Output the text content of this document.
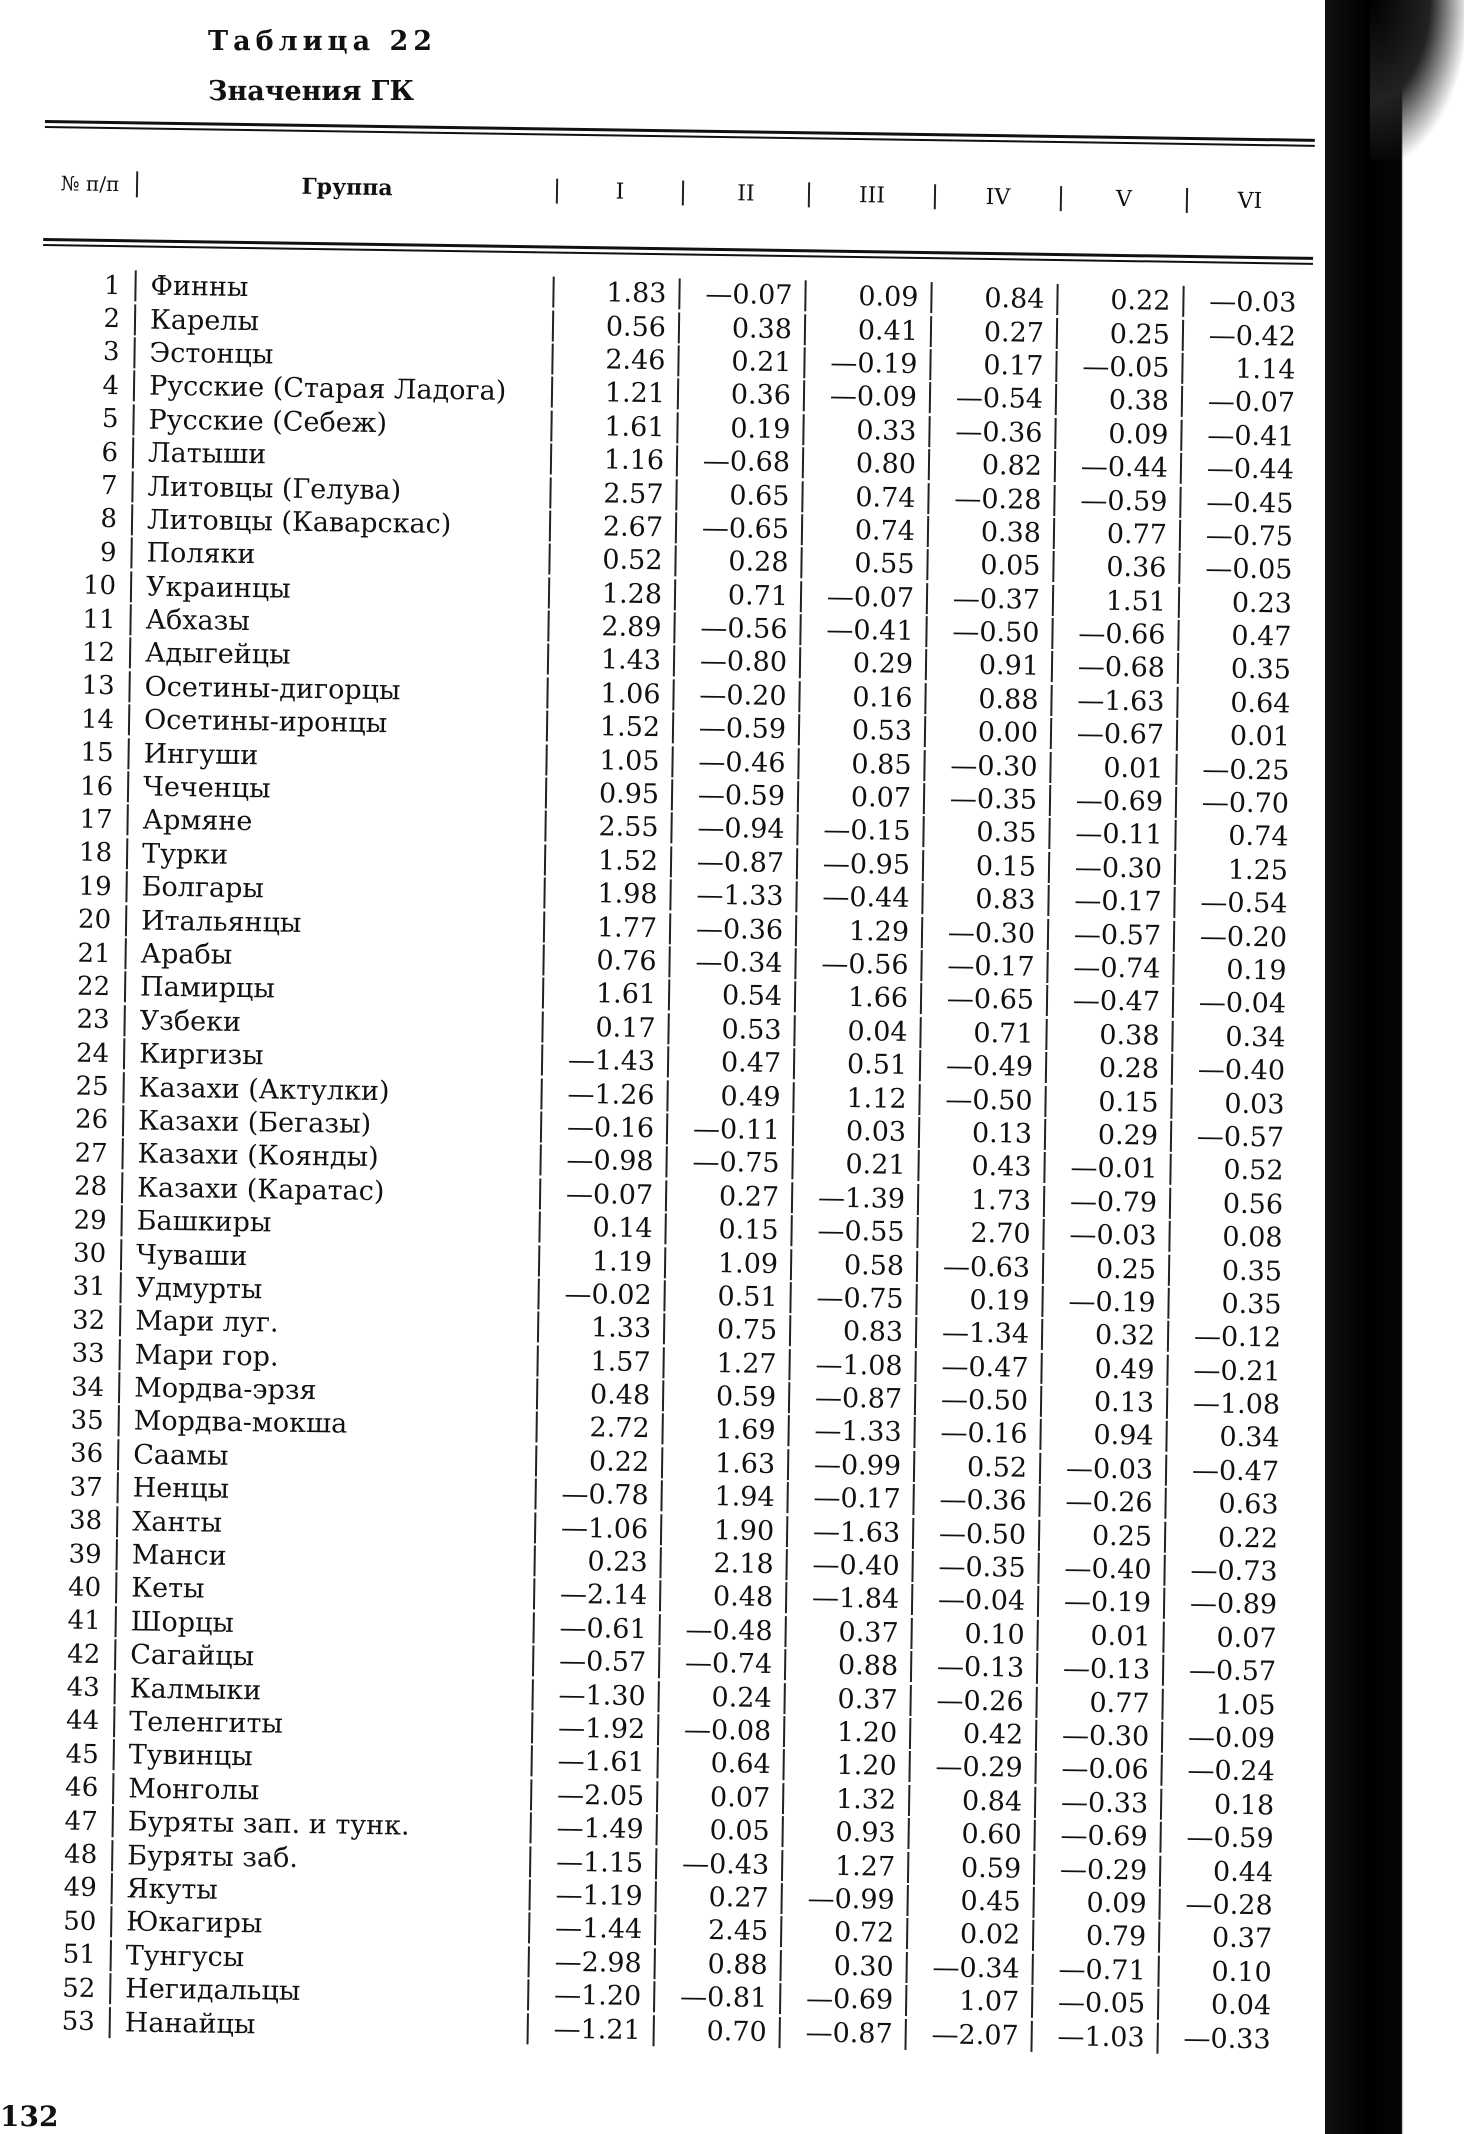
Таблица 22
Значения ГК
№ п/п	Группа	I	II	III	IV	V	VI
1	Финны	1.83	—0.07	0.09	0.84	0.22	—0.03
2	Карелы	0.56	0.38	0.41	0.27	0.25	—0.42
3	Эстонцы	2.46	0.21	—0.19	0.17	—0.05	1.14
4	Русские (Старая Ладога)	1.21	0.36	—0.09	—0.54	0.38	—0.07
5	Русские (Себеж)	1.61	0.19	0.33	—0.36	0.09	—0.41
6	Латыши	1.16	—0.68	0.80	0.82	—0.44	—0.44
7	Литовцы (Гелува)	2.57	0.65	0.74	—0.28	—0.59	—0.45
8	Литовцы (Каварскас)	2.67	—0.65	0.74	0.38	0.77	—0.75
9	Поляки	0.52	0.28	0.55	0.05	0.36	—0.05
10	Украинцы	1.28	0.71	—0.07	—0.37	1.51	0.23
11	Абхазы	2.89	—0.56	—0.41	—0.50	—0.66	0.47
12	Адыгейцы	1.43	—0.80	0.29	0.91	—0.68	0.35
13	Осетины-дигорцы	1.06	—0.20	0.16	0.88	—1.63	0.64
14	Осетины-иронцы	1.52	—0.59	0.53	0.00	—0.67	0.01
15	Ингуши	1.05	—0.46	0.85	—0.30	0.01	—0.25
16	Чеченцы	0.95	—0.59	0.07	—0.35	—0.69	—0.70
17	Армяне	2.55	—0.94	—0.15	0.35	—0.11	0.74
18	Турки	1.52	—0.87	—0.95	0.15	—0.30	1.25
19	Болгары	1.98	—1.33	—0.44	0.83	—0.17	—0.54
20	Итальянцы	1.77	—0.36	1.29	—0.30	—0.57	—0.20
21	Арабы	0.76	—0.34	—0.56	—0.17	—0.74	0.19
22	Памирцы	1.61	0.54	1.66	—0.65	—0.47	—0.04
23	Узбеки	0.17	0.53	0.04	0.71	0.38	0.34
24	Киргизы	—1.43	0.47	0.51	—0.49	0.28	—0.40
25	Казахи (Актулки)	—1.26	0.49	1.12	—0.50	0.15	0.03
26	Казахи (Бегазы)	—0.16	—0.11	0.03	0.13	0.29	—0.57
27	Казахи (Коянды)	—0.98	—0.75	0.21	0.43	—0.01	0.52
28	Казахи (Каратас)	—0.07	0.27	—1.39	1.73	—0.79	0.56
29	Башкиры	0.14	0.15	—0.55	2.70	—0.03	0.08
30	Чуваши	1.19	1.09	0.58	—0.63	0.25	0.35
31	Удмурты	—0.02	0.51	—0.75	0.19	—0.19	0.35
32	Мари луг.	1.33	0.75	0.83	—1.34	0.32	—0.12
33	Мари гор.	1.57	1.27	—1.08	—0.47	0.49	—0.21
34	Мордва-эрзя	0.48	0.59	—0.87	—0.50	0.13	—1.08
35	Мордва-мокша	2.72	1.69	—1.33	—0.16	0.94	0.34
36	Саамы	0.22	1.63	—0.99	0.52	—0.03	—0.47
37	Ненцы	—0.78	1.94	—0.17	—0.36	—0.26	0.63
38	Ханты	—1.06	1.90	—1.63	—0.50	0.25	0.22
39	Манси	0.23	2.18	—0.40	—0.35	—0.40	—0.73
40	Кеты	—2.14	0.48	—1.84	—0.04	—0.19	—0.89
41	Шорцы	—0.61	—0.48	0.37	0.10	0.01	0.07
42	Сагайцы	—0.57	—0.74	0.88	—0.13	—0.13	—0.57
43	Калмыки	—1.30	0.24	0.37	—0.26	0.77	1.05
44	Теленгиты	—1.92	—0.08	1.20	0.42	—0.30	—0.09
45	Тувинцы	—1.61	0.64	1.20	—0.29	—0.06	—0.24
46	Монголы	—2.05	0.07	1.32	0.84	—0.33	0.18
47	Буряты зап. и тунк.	—1.49	0.05	0.93	0.60	—0.69	—0.59
48	Буряты заб.	—1.15	—0.43	1.27	0.59	—0.29	0.44
49	Якуты	—1.19	0.27	—0.99	0.45	0.09	—0.28
50	Юкагиры	—1.44	2.45	0.72	0.02	0.79	0.37
51	Тунгусы	—2.98	0.88	0.30	—0.34	—0.71	0.10
52	Негидальцы	—1.20	—0.81	—0.69	1.07	—0.05	0.04
53	Нанайцы	—1.21	0.70	—0.87	—2.07	—1.03	—0.33
132
